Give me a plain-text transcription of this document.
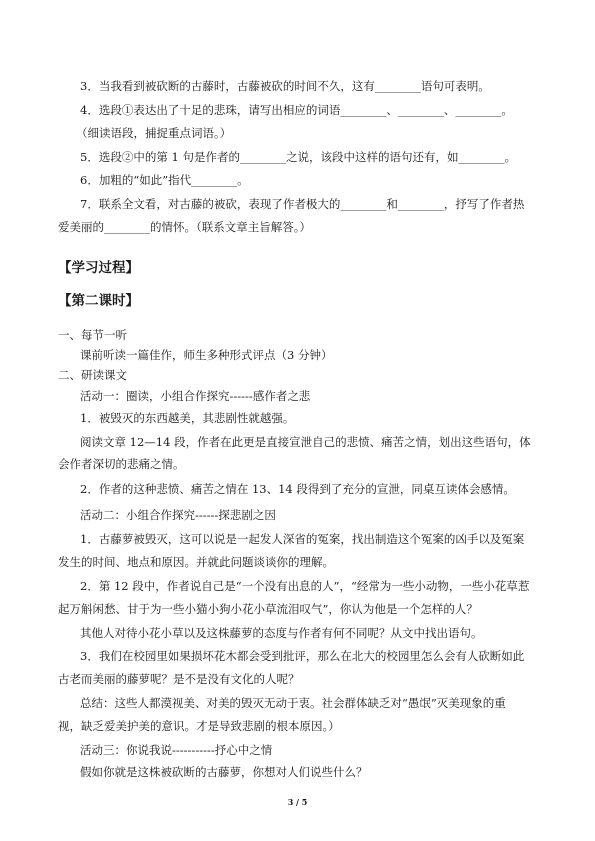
3．当我看到被砍断的古藤时，古藤被砍的时间不久，这有________语句可表明。
4．选段①表达出了十足的悲珠，请写出相应的词语________、________、________。
（细读语段，捕捉重点词语。）
5．选段②中的第 1 句是作者的________之说，该段中这样的语句还有，如________。
6．加粗的“如此”指代________。
7．联系全文看，对古藤的被砍，表现了作者极大的________和________，抒写了作者热
爱美丽的________的情怀。（联系文章主旨解答。）
【学习过程】
【第二课时】
一、每节一听
课前听读一篇佳作，师生多种形式评点（3 分钟）
二、研读课文
活动一：圈读，小组合作探究------感作者之悲
1．被毁灭的东西越美，其悲剧性就越强。
阅读文章 12—14 段，作者在此更是直接宣泄自己的悲愤、痛苦之情，划出这些语句，体
会作者深切的悲痛之情。
2．作者的这种悲愤、痛苦之情在 13、14 段得到了充分的宣泄，同桌互读体会感情。
活动二：小组合作探究------探悲剧之因
1．古藤萝被毁灭，这可以说是一起发人深省的冤案，找出制造这个冤案的凶手以及冤案
发生的时间、地点和原因。并就此问题谈谈你的理解。
2．第 12 段中，作者说自己是“一个没有出息的人”，“经常为一些小动物，一些小花草惹
起万斛闲愁、甘于为一些小猫小狗小花小草流泪叹气”，你认为他是一个怎样的人？
其他人对待小花小草以及这株藤萝的态度与作者有何不同呢？从文中找出语句。
3．我们在校园里如果损坏花木都会受到批评，那么在北大的校园里怎么会有人砍断如此
古老而美丽的藤萝呢？是不是没有文化的人呢？
总结：这些人都漠视美、对美的毁灭无动于衷。社会群体缺乏对“愚氓”灭美现象的重
视，缺乏爱美护美的意识。才是导致悲剧的根本原因。）
活动三：你说我说-----------抒心中之情
假如你就是这株被砍断的古藤萝，你想对人们说些什么？
3 / 5
